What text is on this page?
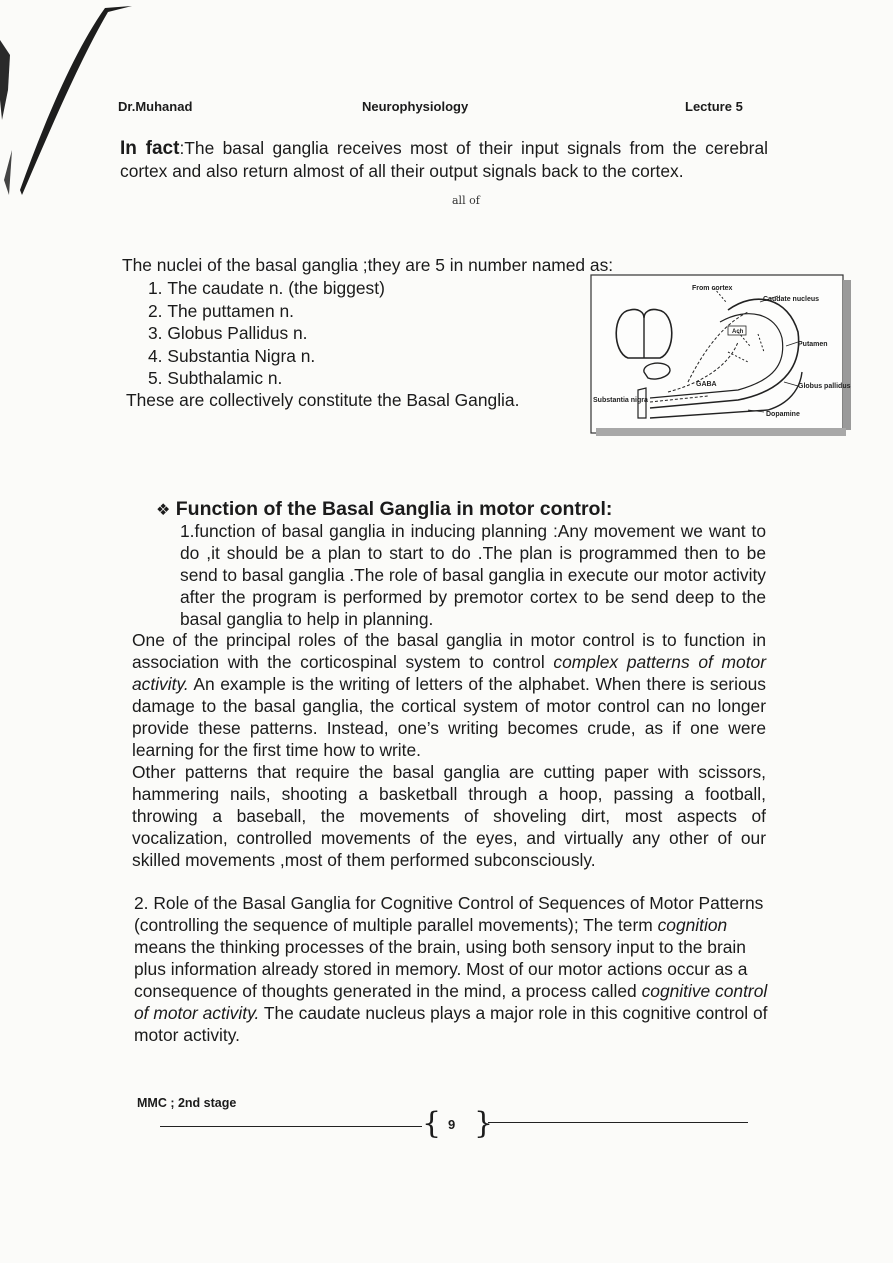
Dr.Muhanad	Neurophysiology	Lecture 5
In fact:The basal ganglia receives most of their input signals from the cerebral cortex and also return almost of all their output signals back to the cortex.
all of
The nuclei of the basal ganglia ;they are 5 in number named as:
1. The caudate n. (the biggest)
2. The puttamen n.
3. Globus Pallidus n.
4. Substantia Nigra n.
5. Subthalamic n.
These are collectively constitute the Basal Ganglia.
From cortex
Caudate nucleus
Ach
Putamen
GABA	Globus pallidus
Substantia nigra
Dopamine
❖ Function of the Basal Ganglia in motor control:
1.function of basal ganglia in inducing planning :Any movement we want to do ,it should be a plan to start to do .The plan is programmed then to be send to basal ganglia .The role of basal ganglia in execute our motor activity after the program is performed by premotor cortex to be send deep to the basal ganglia to help in planning.
One of the principal roles of the basal ganglia in motor control is to function in association with the corticospinal system to control complex patterns of motor activity. An example is the writing of letters of the alphabet. When there is serious damage to the basal ganglia, the cortical system of motor control can no longer provide these patterns. Instead, one’s writing becomes crude, as if one were learning for the first time how to write.
Other patterns that require the basal ganglia are cutting paper with scissors, hammering nails, shooting a basketball through a hoop, passing a football, throwing a baseball, the movements of shoveling dirt, most aspects of vocalization, controlled movements of the eyes, and virtually any other of our skilled movements ,most of them performed subconsciously.
2. Role of the Basal Ganglia for Cognitive Control of Sequences of Motor Patterns (controlling the sequence of multiple parallel movements); The term cognition means the thinking processes of the brain, using both sensory input to the brain plus information already stored in memory. Most of our motor actions occur as a consequence of thoughts generated in the mind, a process called cognitive control of motor activity. The caudate nucleus plays a major role in this cognitive control of motor activity.
MMC ; 2nd stage
{ }
9
